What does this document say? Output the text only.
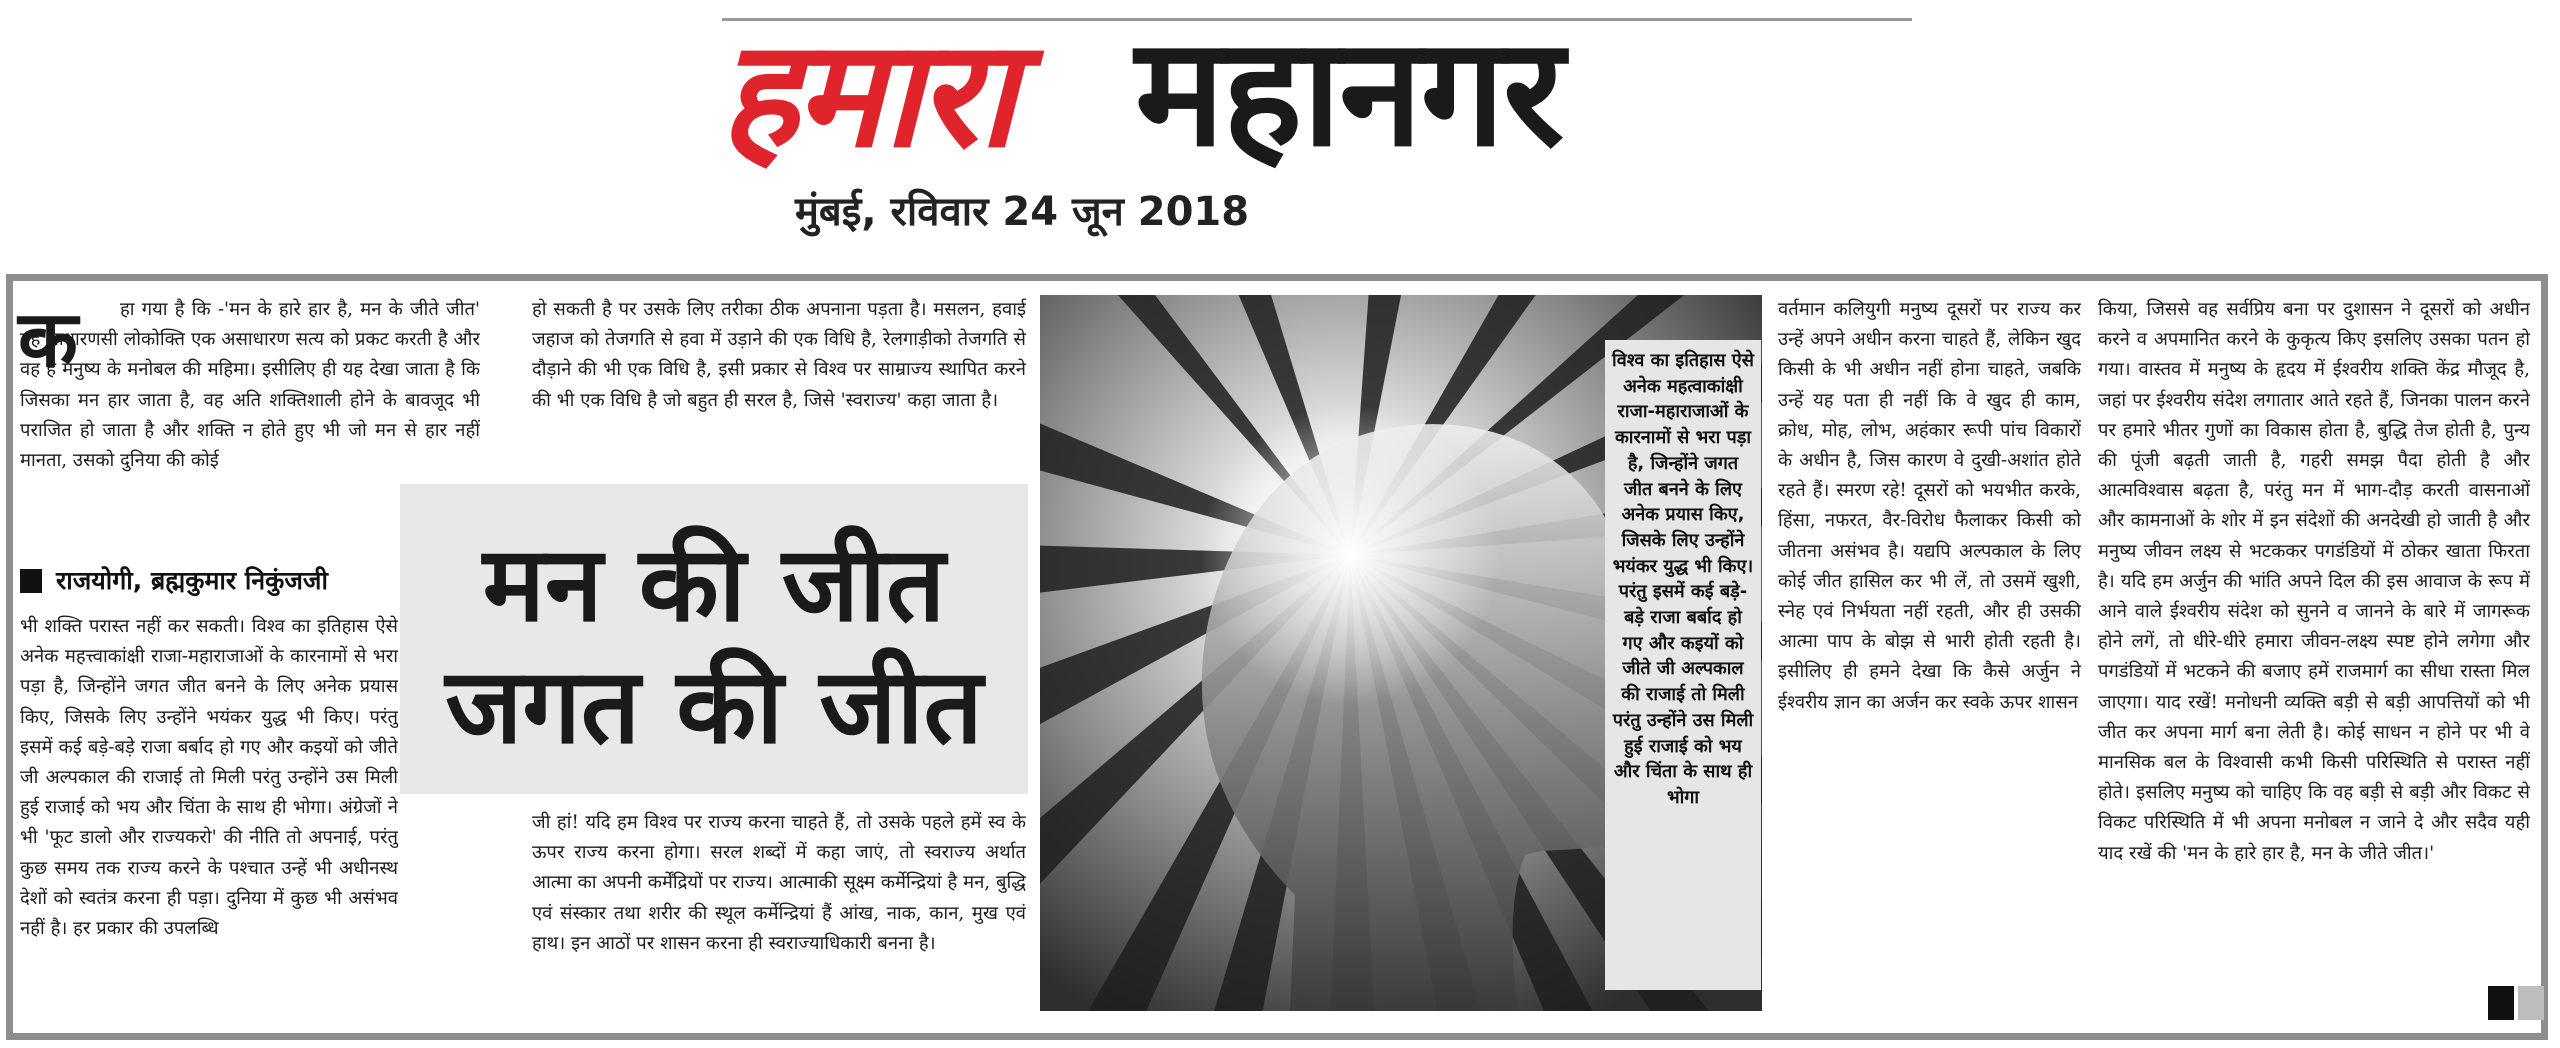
हमारा महानगर
मुंबई, रविवार 24 जून 2018
क	हा गया है कि -'मन के हारे हार है, मन के जीते जीत' यह साधारणसी लोकोक्ति एक असाधारण सत्य को प्रकट करती है और वह है मनुष्य के मनोबल की महिमा। इसीलिए ही यह देखा जाता है कि जिसका मन हार जाता है, वह अति शक्तिशाली होने के बावजूद भी पराजित हो जाता है और शक्ति न होते हुए भी जो मन से हार नहीं मानता, उसको दुनिया की कोई
राजयोगी, ब्रह्मकुमार निकुंजजी
भी शक्ति परास्त नहीं कर सकती। विश्व का इतिहास ऐसे अनेक महत्त्वाकांक्षी राजा-महाराजाओं के कारनामों से भरा पड़ा है, जिन्होंने जगत जीत बनने के लिए अनेक प्रयास किए, जिसके लिए उन्होंने भयंकर युद्ध भी किए। परंतु इसमें कई बड़े-बड़े राजा बर्बाद हो गए और कइयों को जीते जी अल्पकाल की राजाई तो मिली परंतु उन्होंने उस मिली हुई राजाई को भय और चिंता के साथ ही भोगा। अंग्रेजों ने भी 'फूट डालो और राज्यकरो' की नीति तो अपनाई, परंतु कुछ समय तक राज्य करने के पश्चात उन्हें भी अधीनस्थ देशों को स्वतंत्र करना ही पड़ा। दुनिया में कुछ भी असंभव नहीं है। हर प्रकार की उपलब्धि
हो सकती है पर उसके लिए तरीका ठीक अपनाना पड़ता है। मसलन, हवाई जहाज को तेजगति से हवा में उड़ाने की एक विधि है, रेलगाड़ीको तेजगति से दौड़ाने की भी एक विधि है, इसी प्रकार से विश्व पर साम्राज्य स्थापित करने की भी एक विधि है जो बहुत ही सरल है, जिसे 'स्वराज्य' कहा जाता है।
मन की जीत
जगत की जीत
जी हां! यदि हम विश्व पर राज्य करना चाहते हैं, तो उसके पहले हमें स्व के ऊपर राज्य करना होगा। सरल शब्दों में कहा जाएं, तो स्वराज्य अर्थात आत्मा का अपनी कर्मेंद्रियों पर राज्य। आत्माकी सूक्ष्म कर्मेन्द्रियां है मन, बुद्धि एवं संस्कार तथा शरीर की स्थूल कर्मेन्द्रियां हैं आंख, नाक, कान, मुख एवं हाथ। इन आठों पर शासन करना ही स्वराज्याधिकारी बनना है।
विश्व का इतिहास ऐसे अनेक महत्वाकांक्षी राजा-महाराजाओं के कारनामों से भरा पड़ा है, जिन्होंने जगत जीत बनने के लिए अनेक प्रयास किए, जिसके लिए उन्होंने भयंकर युद्ध भी किए। परंतु इसमें कई बड़े-बड़े राजा बर्बाद हो गए और कइयों को जीते जी अल्पकाल की राजाई तो मिली परंतु उन्होंने उस मिली हुई राजाई को भय और चिंता के साथ ही भोगा
वर्तमान कलियुगी मनुष्य दूसरों पर राज्य कर उन्हें अपने अधीन करना चाहते हैं, लेकिन खुद किसी के भी अधीन नहीं होना चाहते, जबकि उन्हें यह पता ही नहीं कि वे खुद ही काम, क्रोध, मोह, लोभ, अहंकार रूपी पांच विकारों के अधीन है, जिस कारण वे दुखी-अशांत होते रहते हैं। स्मरण रहे! दूसरों को भयभीत करके, हिंसा, नफरत, वैर-विरोध फैलाकर किसी को जीतना असंभव है। यद्यपि अल्पकाल के लिए कोई जीत हासिल कर भी लें, तो उसमें खुशी, स्नेह एवं निर्भयता नहीं रहती, और ही उसकी आत्मा पाप के बोझ से भारी होती रहती है। इसीलिए ही हमने देखा कि कैसे अर्जुन ने ईश्वरीय ज्ञान का अर्जन कर स्वके ऊपर शासन
किया, जिससे वह सर्वप्रिय बना पर दुशासन ने दूसरों को अधीन करने व अपमानित करने के कुकृत्य किए इसलिए उसका पतन हो गया। वास्तव में मनुष्य के हृदय में ईश्वरीय शक्ति केंद्र मौजूद है, जहां पर ईश्वरीय संदेश लगातार आते रहते हैं, जिनका पालन करने पर हमारे भीतर गुणों का विकास होता है, बुद्धि तेज होती है, पुन्य की पूंजी बढ़ती जाती है, गहरी समझ पैदा होती है और आत्मविश्वास बढ़ता है, परंतु मन में भाग-दौड़ करती वासनाओं और कामनाओं के शोर में इन संदेशों की अनदेखी हो जाती है और मनुष्य जीवन लक्ष्य से भटककर पगडंडियों में ठोकर खाता फिरता है। यदि हम अर्जुन की भांति अपने दिल की इस आवाज के रूप में आने वाले ईश्वरीय संदेश को सुनने व जानने के बारे में जागरूक होने लगें, तो धीरे-धीरे हमारा जीवन-लक्ष्य स्पष्ट होने लगेगा और पगडंडियों में भटकने की बजाए हमें राजमार्ग का सीधा रास्ता मिल जाएगा। याद रखें! मनोधनी व्यक्ति बड़ी से बड़ी आपत्तियों को भी जीत कर अपना मार्ग बना लेती है। कोई साधन न होने पर भी वे मानसिक बल के विश्वासी कभी किसी परिस्थिति से परास्त नहीं होते। इसलिए मनुष्य को चाहिए कि वह बड़ी से बड़ी और विकट से विकट परिस्थिति में भी अपना मनोबल न जाने दे और सदैव यही याद रखें की 'मन के हारे हार है, मन के जीते जीत।'
